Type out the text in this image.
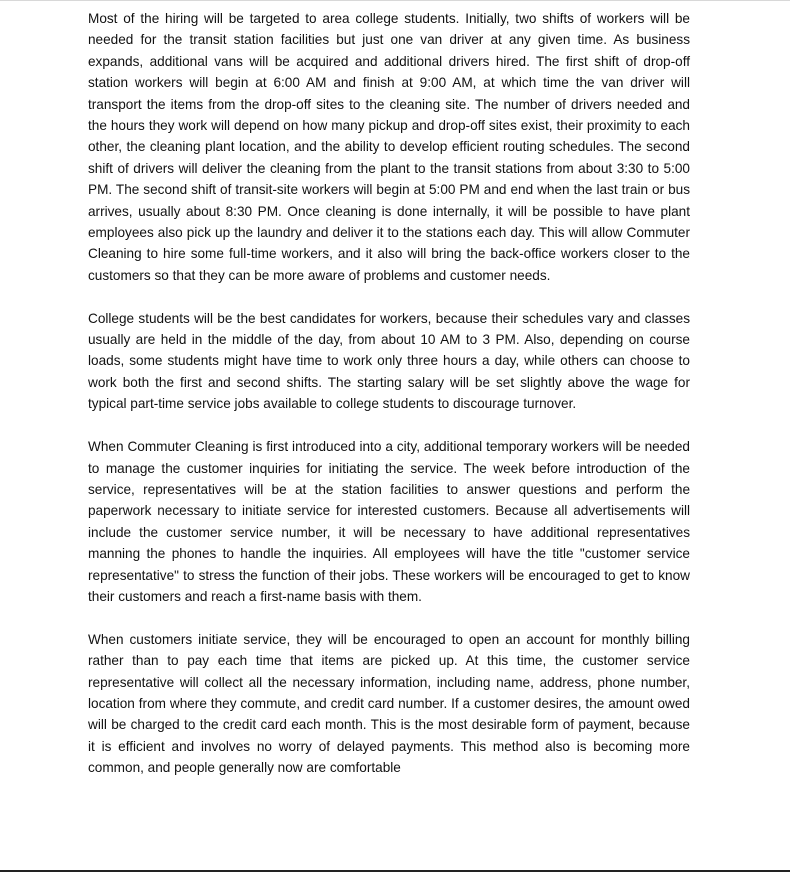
Most of the hiring will be targeted to area college students. Initially, two shifts of workers will be needed for the transit station facilities but just one van driver at any given time. As business expands, additional vans will be acquired and additional drivers hired. The first shift of drop-off station workers will begin at 6:00 AM and finish at 9:00 AM, at which time the van driver will transport the items from the drop-off sites to the cleaning site. The number of drivers needed and the hours they work will depend on how many pickup and drop-off sites exist, their proximity to each other, the cleaning plant location, and the ability to develop efficient routing schedules. The second shift of drivers will deliver the cleaning from the plant to the transit stations from about 3:30 to 5:00 PM. The second shift of transit-site workers will begin at 5:00 PM and end when the last train or bus arrives, usually about 8:30 PM. Once cleaning is done internally, it will be possible to have plant employees also pick up the laundry and deliver it to the stations each day. This will allow Commuter Cleaning to hire some full-time workers, and it also will bring the back-office workers closer to the customers so that they can be more aware of problems and customer needs.

College students will be the best candidates for workers, because their schedules vary and classes usually are held in the middle of the day, from about 10 AM to 3 PM. Also, depending on course loads, some students might have time to work only three hours a day, while others can choose to work both the first and second shifts. The starting salary will be set slightly above the wage for typical part-time service jobs available to college students to discourage turnover.

When Commuter Cleaning is first introduced into a city, additional temporary workers will be needed to manage the customer inquiries for initiating the service. The week before introduction of the service, representatives will be at the station facilities to answer questions and perform the paperwork necessary to initiate service for interested customers. Because all advertisements will include the customer service number, it will be necessary to have additional representatives manning the phones to handle the inquiries. All employees will have the title "customer service representative" to stress the function of their jobs. These workers will be encouraged to get to know their customers and reach a first-name basis with them.

When customers initiate service, they will be encouraged to open an account for monthly billing rather than to pay each time that items are picked up. At this time, the customer service representative will collect all the necessary information, including name, address, phone number, location from where they commute, and credit card number. If a customer desires, the amount owed will be charged to the credit card each month. This is the most desirable form of payment, because it is efficient and involves no worry of delayed payments. This method also is becoming more common, and people generally now are comfortable
